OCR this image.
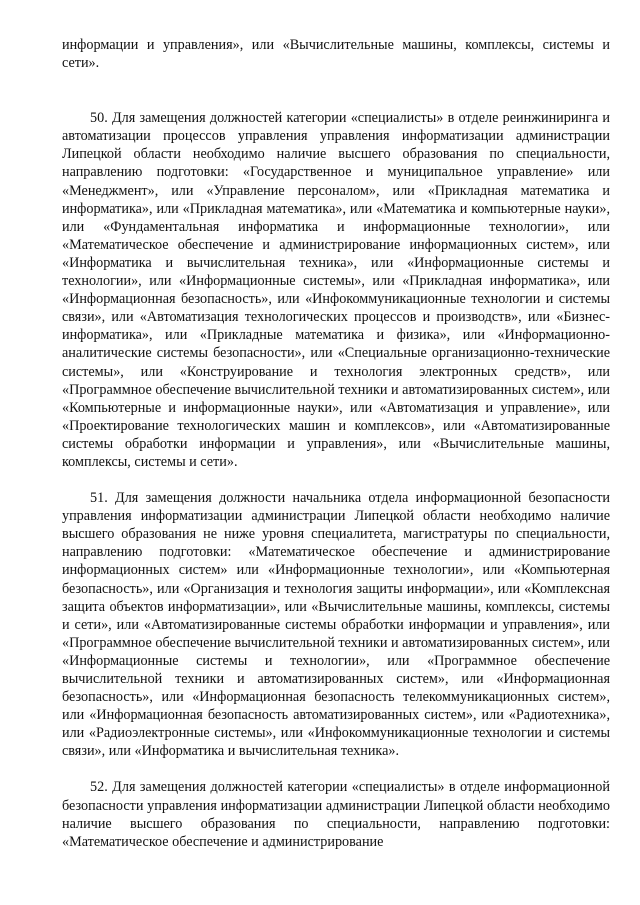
информации и управления», или «Вычислительные машины, комплексы, системы и сети».

50. Для замещения должностей категории «специалисты» в отделе реинжиниринга и автоматизации процессов управления управления информатизации администрации Липецкой области необходимо наличие высшего образования по специальности, направлению подготовки: «Государственное и муниципальное управление» или «Менеджмент», или «Управление персоналом», или «Прикладная математика и информатика», или «Прикладная математика», или «Математика и компьютерные науки», или «Фундаментальная информатика и информационные технологии», или «Математическое обеспечение и администрирование информационных систем», или «Информатика и вычислительная техника», или «Информационные системы и технологии», или «Информационные системы», или «Прикладная информатика», или «Информационная безопасность», или «Инфокоммуникационные технологии и системы связи», или «Автоматизация технологических процессов и производств», или «Бизнес-информатика», или «Прикладные математика и физика», или «Информационно-аналитические системы безопасности», или «Специальные организационно-технические системы», или «Конструирование и технология электронных средств», или «Программное обеспечение вычислительной техники и автоматизированных систем», или «Компьютерные и информационные науки», или «Автоматизация и управление», или «Проектирование технологических машин и комплексов», или «Автоматизированные системы обработки информации и управления», или «Вычислительные машины, комплексы, системы и сети».

51. Для замещения должности начальника отдела информационной безопасности управления информатизации администрации Липецкой области необходимо наличие высшего образования не ниже уровня специалитета, магистратуры по специальности, направлению подготовки: «Математическое обеспечение и администрирование информационных систем» или «Информационные технологии», или «Компьютерная безопасность», или «Организация и технология защиты информации», или «Комплексная защита объектов информатизации», или «Вычислительные машины, комплексы, системы и сети», или «Автоматизированные системы обработки информации и управления», или «Программное обеспечение вычислительной техники и автоматизированных систем», или «Информационные системы и технологии», или «Программное обеспечение вычислительной техники и автоматизированных систем», или «Информационная безопасность», или «Информационная безопасность телекоммуникационных систем», или «Информационная безопасность автоматизированных систем», или «Радиотехника», или «Радиоэлектронные системы», или «Инфокоммуникационные технологии и системы связи», или «Информатика и вычислительная техника».

52. Для замещения должностей категории «специалисты» в отделе информационной безопасности управления информатизации администрации Липецкой области необходимо наличие высшего образования по специальности, направлению подготовки: «Математическое обеспечение и администрирование
